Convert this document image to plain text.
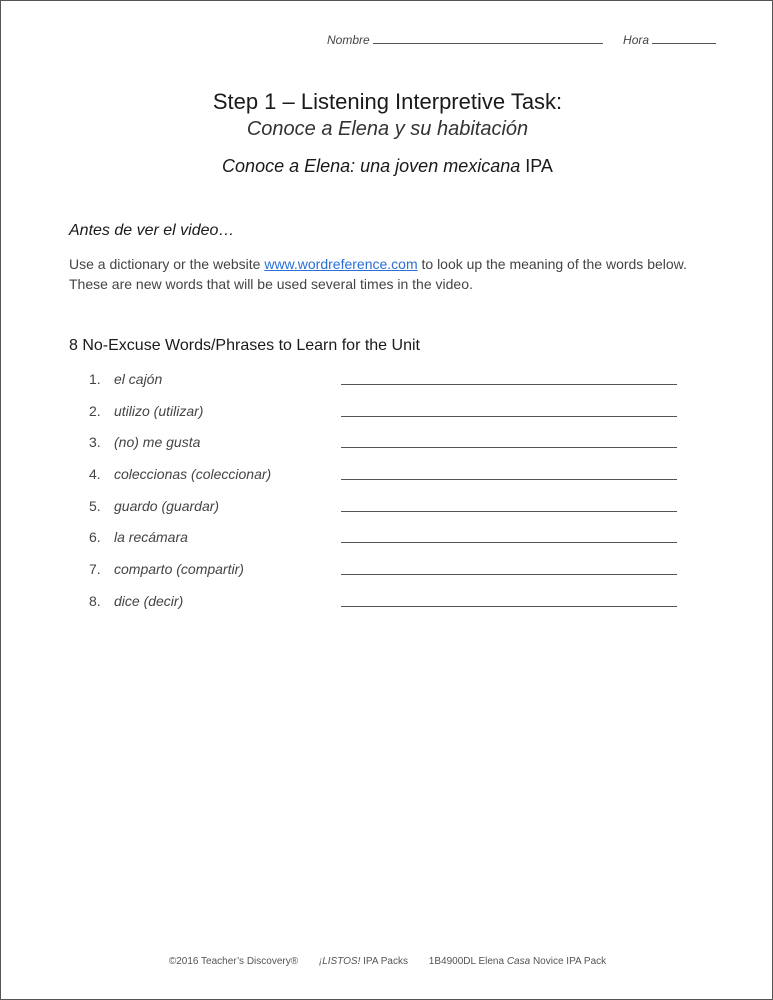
Nombre	Hora
Step 1 – Listening Interpretive Task:
Conoce a Elena y su habitación
Conoce a Elena: una joven mexicana IPA
Antes de ver el video…
Use a dictionary or the website www.wordreference.com to look up the meaning of the words below. These are new words that will be used several times in the video.
8 No-Excuse Words/Phrases to Learn for the Unit
1. el cajón
2. utilizo (utilizar)
3. (no) me gusta
4. coleccionas (coleccionar)
5. guardo (guardar)
6. la recámara
7. comparto (compartir)
8. dice (decir)
©2016 Teacher’s Discovery® ¡LISTOS! IPA Packs 1B4900DL Elena Casa Novice IPA Pack
